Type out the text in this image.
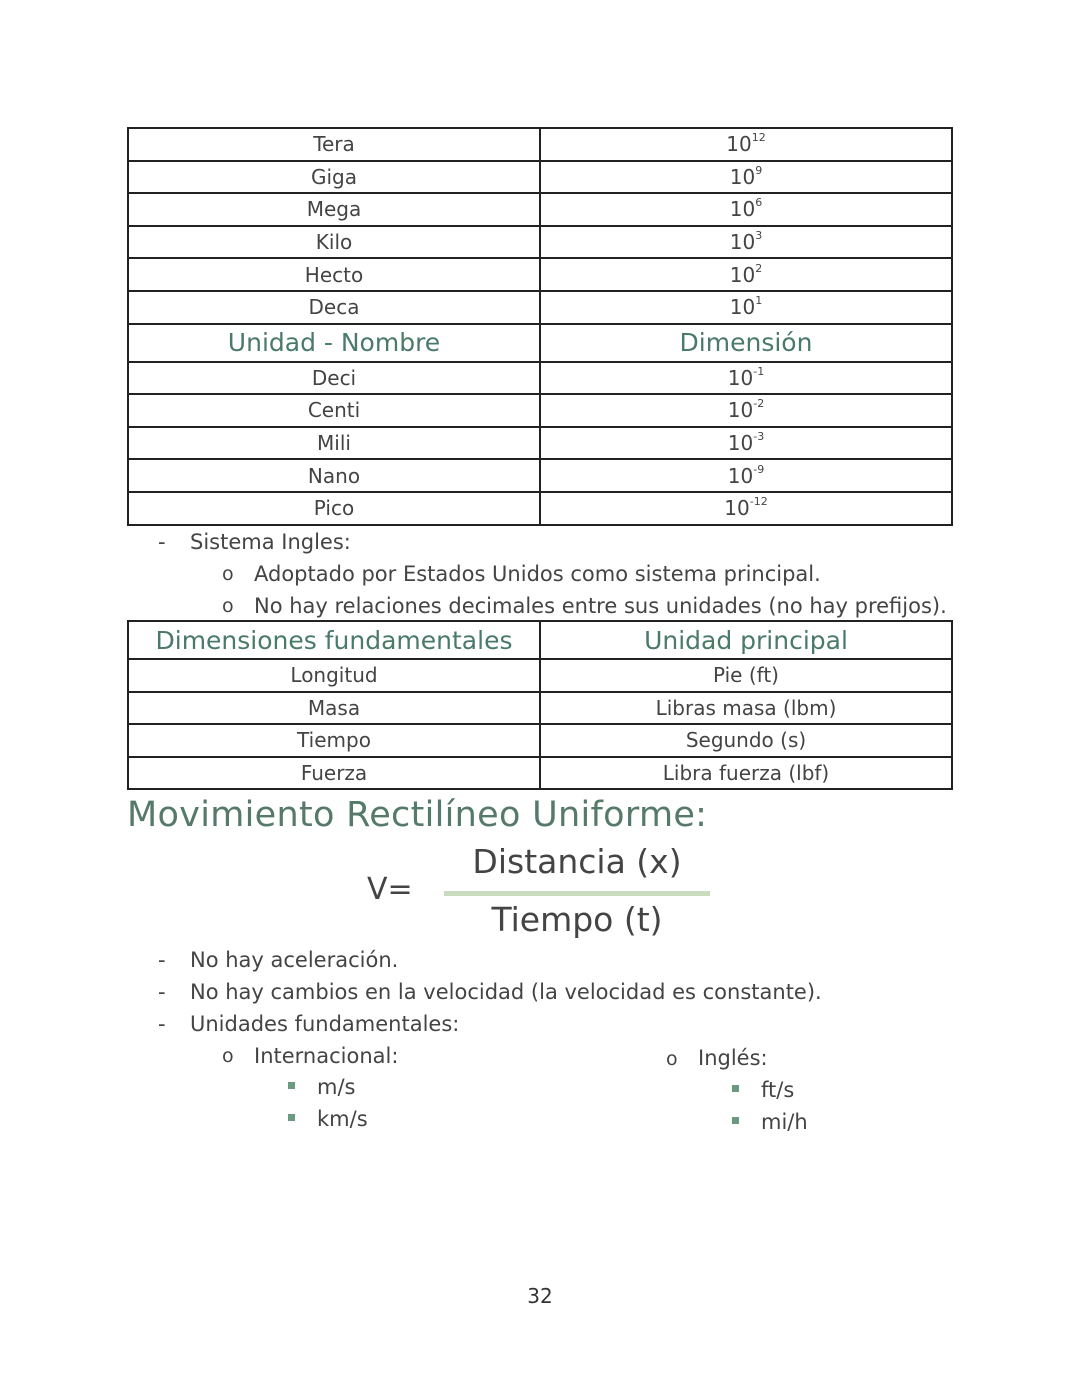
Tera	$10^{12}$
Giga	$10^9$
Mega	$10^6$
Kilo	$10^3$
Hecto	$10^2$
Deca	$10^1$
Unidad - Nombre	Dimensión
Deci	$10^{-1}$
Centi	$10^{-2}$
Mili	$10^{-3}$
Nano	$10^{-9}$
Pico	$10^{-12}$
- Sistema Ingles:
o Adoptado por Estados Unidos como sistema principal.
o No hay relaciones decimales entre sus unidades (no hay prefijos).
Dimensiones fundamentales	Unidad principal
Longitud	Pie (ft)
Masa	Libras masa (lbm)
Tiempo	Segundo (s)
Fuerza	Libra fuerza (lbf)
Movimiento Rectilíneo Uniforme:
V=
Distancia (x)
Tiempo (t)
- No hay aceleración.
- No hay cambios en la velocidad (la velocidad es constante).
- Unidades fundamentales:
o Internacional:
m/s
km/s
o Inglés:
ft/s
mi/h
32
